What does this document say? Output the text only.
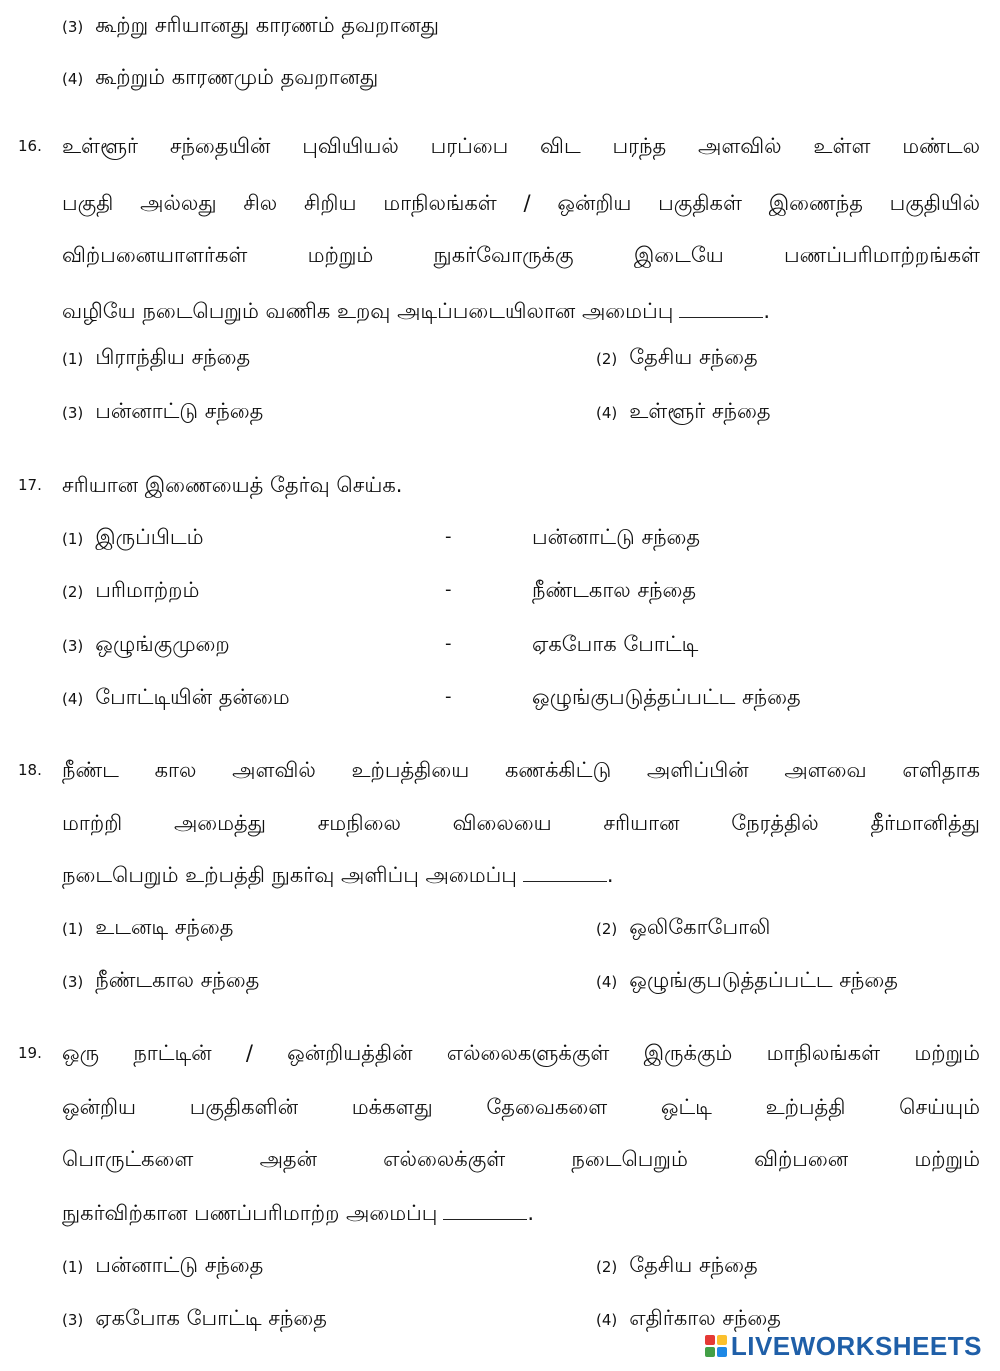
(3) கூற்று சரியானது காரணம் தவறானது
(4) கூற்றும் காரணமும் தவறானது
16. உள்ளூர் சந்தையின் புவியியல் பரப்பை விட பரந்த அளவில் உள்ள மண்டல
பகுதி அல்லது சில சிறிய மாநிலங்கள் / ஒன்றிய பகுதிகள் இணைந்த பகுதியில்
விற்பனையாளர்கள் மற்றும் நுகர்வோருக்கு இடையே பணப்பரிமாற்றங்கள்
வழியே நடைபெறும் வணிக உறவு அடிப்படையிலான அமைப்பு	.
(1) பிராந்திய சந்தை	(2) தேசிய சந்தை
(3) பன்னாட்டு சந்தை	(4) உள்ளூர் சந்தை
17. சரியான இணையைத் தேர்வு செய்க.
(1) இருப்பிடம்	-	பன்னாட்டு சந்தை
(2) பரிமாற்றம்	-	நீண்டகால சந்தை
(3) ஒழுங்குமுறை	-	ஏகபோக போட்டி
(4) போட்டியின் தன்மை	-	ஒழுங்குபடுத்தப்பட்ட சந்தை
18. நீண்ட கால அளவில் உற்பத்தியை கணக்கிட்டு அளிப்பின் அளவை எளிதாக
மாற்றி அமைத்து சமநிலை விலையை சரியான நேரத்தில் தீர்மானித்து
நடைபெறும் உற்பத்தி நுகர்வு அளிப்பு அமைப்பு	.
(1) உடனடி சந்தை	(2) ஒலிகோபோலி
(3) நீண்டகால சந்தை	(4) ஒழுங்குபடுத்தப்பட்ட சந்தை
19. ஒரு நாட்டின் / ஒன்றியத்தின் எல்லைகளுக்குள் இருக்கும் மாநிலங்கள் மற்றும்
ஒன்றிய பகுதிகளின் மக்களது தேவைகளை ஒட்டி உற்பத்தி செய்யும்
பொருட்களை அதன் எல்லைக்குள் நடைபெறும் விற்பனை மற்றும்
நுகர்விற்கான பணப்பரிமாற்ற அமைப்பு	.
(1) பன்னாட்டு சந்தை	(2) தேசிய சந்தை
(3) ஏகபோக போட்டி சந்தை	(4) எதிர்கால சந்தை
LIVEWORKSHEETS
